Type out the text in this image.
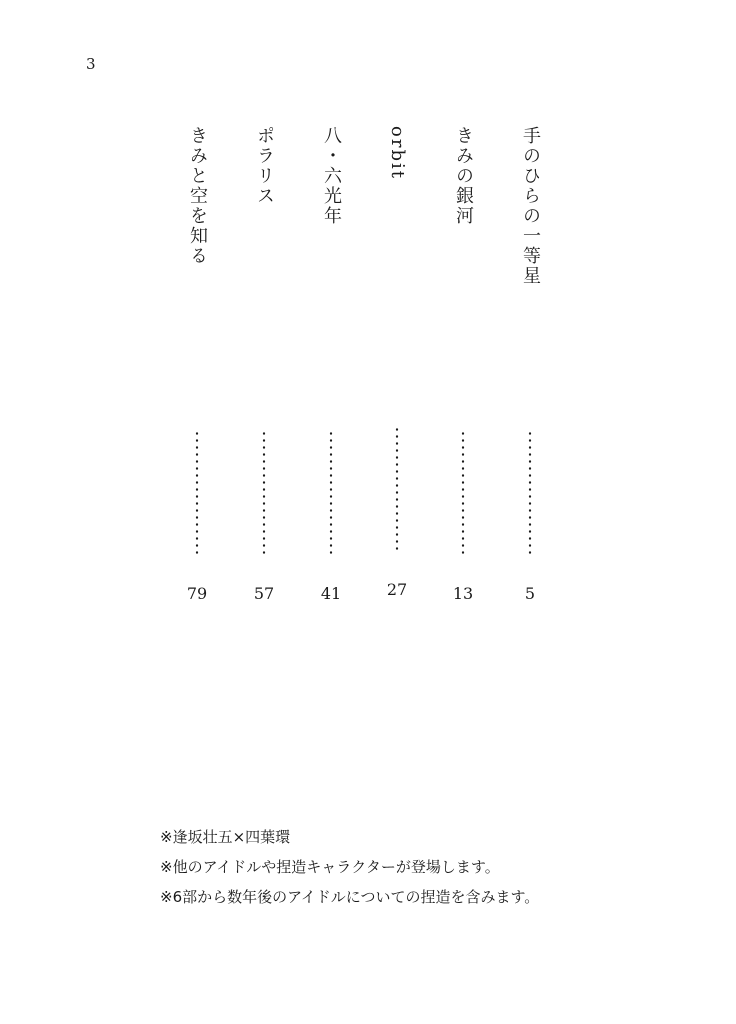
3
手のひらの一等星
5
きみの銀河
13
orbit
27
八・六光年
41
ポラリス
57
きみと空を知る
79
※逢坂壮五×四葉環
※他のアイドルや捏造キャラクターが登場します。
※6部から数年後のアイドルについての捏造を含みます。
